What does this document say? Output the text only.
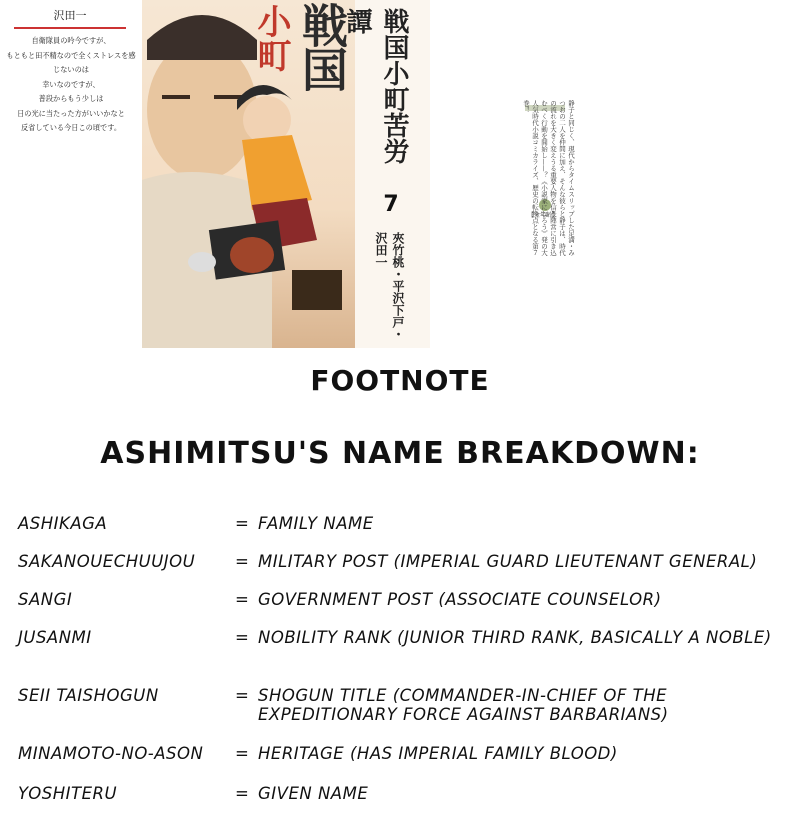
沢田一
自衛隊員の吟今ですが、
もともと田不精なので全くストレスを感じないのは
幸いなのですが、
普段からもう少しは
日の光に当たった方がいいかなと
反省している今日この頃です。
小町 戦国	戦国小町苦労譚
7
夾竹桃・平沢下戸・沢田一	静子と同じく、現代からタイムスリップした足満・みつおの二人を仲間に加え、そんな彼らと静子は、時代の流れを大きく変えうる重要人物を信長陣営に引き込むべく行動を開始し——？《小説家になろう》発の大人気時代小説コミカライズ、歴史の転換点となる第７巻！
【全年齢】
FOOTNOTE
ASHIMITSU'S NAME BREAKDOWN:
ASHIKAGA	= FAMILY NAME
SAKANOUECHUUJOU = MILITARY POST (IMPERIAL GUARD LIEUTENANT GENERAL)
SANGI	= GOVERNMENT POST (ASSOCIATE COUNSELOR)
JUSANMI	= NOBILITY RANK (JUNIOR THIRD RANK, BASICALLY A NOBLE)
SEII TAISHOGUN	= SHOGUN TITLE (COMMANDER-IN-CHIEF OF THE EXPEDITIONARY FORCE AGAINST BARBARIANS)
MINAMOTO-NO-ASON = HERITAGE (HAS IMPERIAL FAMILY BLOOD)
YOSHITERU	= GIVEN NAME
